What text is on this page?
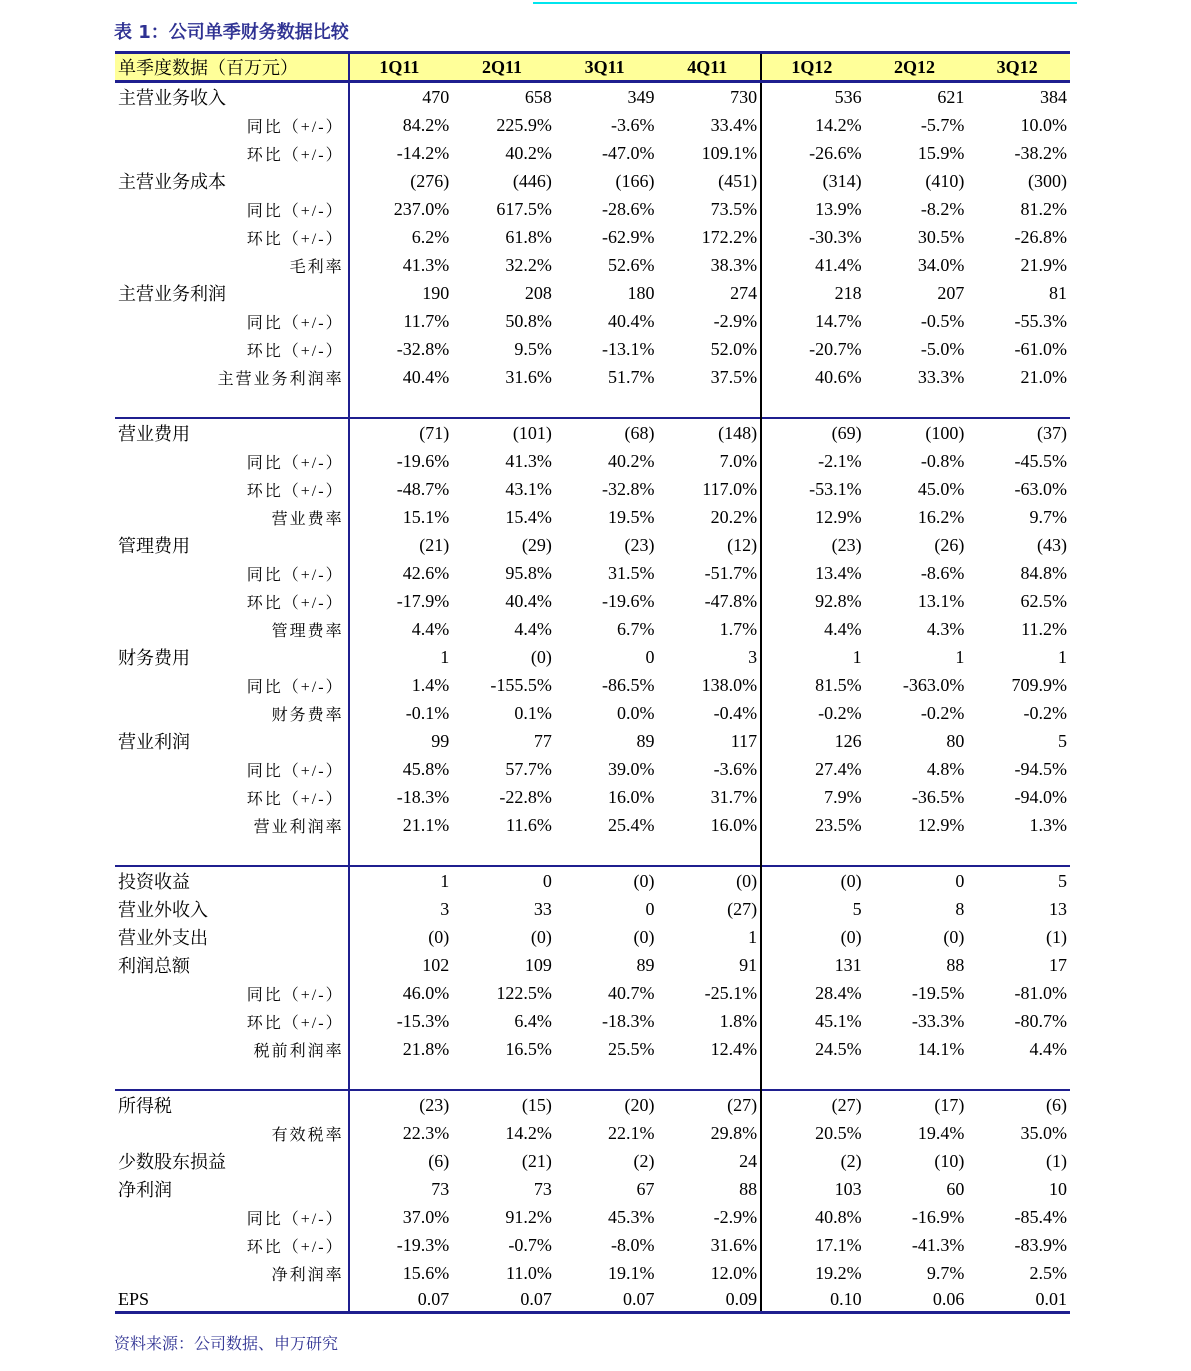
表 1：公司单季财务数据比较
单季度数据（百万元）	1Q11	2Q11	3Q11	4Q11	1Q12	2Q12	3Q12
主营业务收入	470	658	349	730	536	621	384
同比（+/-）	84.2%	225.9%	-3.6%	33.4%	14.2%	-5.7%	10.0%
环比（+/-）	-14.2%	40.2%	-47.0%	109.1%	-26.6%	15.9%	-38.2%
主营业务成本	(276)	(446)	(166)	(451)	(314)	(410)	(300)
同比（+/-）	237.0%	617.5%	-28.6%	73.5%	13.9%	-8.2%	81.2%
环比（+/-）	6.2%	61.8%	-62.9%	172.2%	-30.3%	30.5%	-26.8%
毛利率	41.3%	32.2%	52.6%	38.3%	41.4%	34.0%	21.9%
主营业务利润	190	208	180	274	218	207	81
同比（+/-）	11.7%	50.8%	40.4%	-2.9%	14.7%	-0.5%	-55.3%
环比（+/-）	-32.8%	9.5%	-13.1%	52.0%	-20.7%	-5.0%	-61.0%
主营业务利润率	40.4%	31.6%	51.7%	37.5%	40.6%	33.3%	21.0%

营业费用	(71)	(101)	(68)	(148)	(69)	(100)	(37)
同比（+/-）	-19.6%	41.3%	40.2%	7.0%	-2.1%	-0.8%	-45.5%
环比（+/-）	-48.7%	43.1%	-32.8%	117.0%	-53.1%	45.0%	-63.0%
营业费率	15.1%	15.4%	19.5%	20.2%	12.9%	16.2%	9.7%
管理费用	(21)	(29)	(23)	(12)	(23)	(26)	(43)
同比（+/-）	42.6%	95.8%	31.5%	-51.7%	13.4%	-8.6%	84.8%
环比（+/-）	-17.9%	40.4%	-19.6%	-47.8%	92.8%	13.1%	62.5%
管理费率	4.4%	4.4%	6.7%	1.7%	4.4%	4.3%	11.2%
财务费用	1	(0)	0	3	1	1	1
同比（+/-）	1.4%	-155.5%	-86.5%	138.0%	81.5%	-363.0%	709.9%
财务费率	-0.1%	0.1%	0.0%	-0.4%	-0.2%	-0.2%	-0.2%
营业利润	99	77	89	117	126	80	5
同比（+/-）	45.8%	57.7%	39.0%	-3.6%	27.4%	4.8%	-94.5%
环比（+/-）	-18.3%	-22.8%	16.0%	31.7%	7.9%	-36.5%	-94.0%
营业利润率	21.1%	11.6%	25.4%	16.0%	23.5%	12.9%	1.3%

投资收益	1	0	(0)	(0)	(0)	0	5
营业外收入	3	33	0	(27)	5	8	13
营业外支出	(0)	(0)	(0)	1	(0)	(0)	(1)
利润总额	102	109	89	91	131	88	17
同比（+/-）	46.0%	122.5%	40.7%	-25.1%	28.4%	-19.5%	-81.0%
环比（+/-）	-15.3%	6.4%	-18.3%	1.8%	45.1%	-33.3%	-80.7%
税前利润率	21.8%	16.5%	25.5%	12.4%	24.5%	14.1%	4.4%

所得税	(23)	(15)	(20)	(27)	(27)	(17)	(6)
有效税率	22.3%	14.2%	22.1%	29.8%	20.5%	19.4%	35.0%
少数股东损益	(6)	(21)	(2)	24	(2)	(10)	(1)
净利润	73	73	67	88	103	60	10
同比（+/-）	37.0%	91.2%	45.3%	-2.9%	40.8%	-16.9%	-85.4%
环比（+/-）	-19.3%	-0.7%	-8.0%	31.6%	17.1%	-41.3%	-83.9%
净利润率	15.6%	11.0%	19.1%	12.0%	19.2%	9.7%	2.5%
EPS	0.07	0.07	0.07	0.09	0.10	0.06	0.01
资料来源：公司数据、申万研究
